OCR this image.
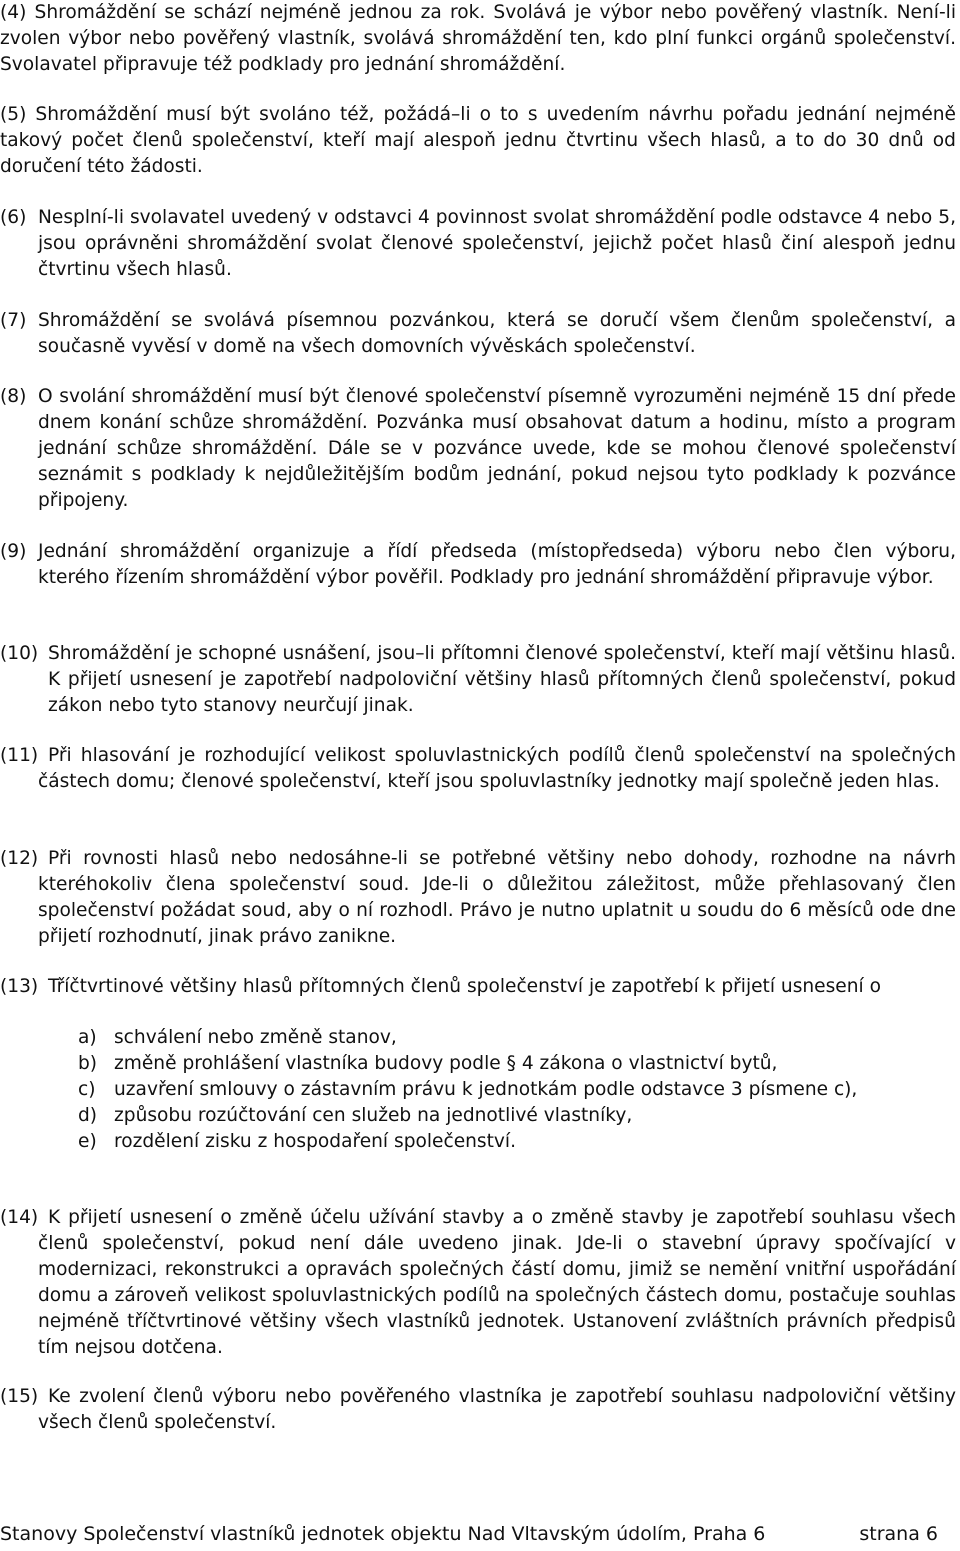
(4) Shromáždění se schází nejméně jednou za rok. Svolává je výbor nebo pověřený vlastník. Není-li zvolen výbor nebo pověřený vlastník, svolává shromáždění ten, kdo plní funkci orgánů společenství. Svolavatel připravuje též podklady pro jednání shromáždění.
(5) Shromáždění musí být svoláno též, požádá–li o to s uvedením návrhu pořadu jednání nejméně takový počet členů společenství, kteří mají alespoň jednu čtvrtinu všech hlasů, a to do 30 dnů od doručení této žádosti.
(6) Nesplní-li svolavatel uvedený v odstavci 4 povinnost svolat shromáždění podle odstavce 4 nebo 5, jsou oprávněni shromáždění svolat členové společenství, jejichž počet hlasů činí alespoň jednu čtvrtinu všech hlasů.
(7) Shromáždění se svolává písemnou pozvánkou, která se doručí všem členům společenství, a současně vyvěsí v domě na všech domovních vývěskách společenství.
(8) O svolání shromáždění musí být členové společenství písemně vyrozuměni nejméně 15 dní přede dnem konání schůze shromáždění. Pozvánka musí obsahovat datum a hodinu, místo a program jednání schůze shromáždění. Dále se v pozvánce uvede, kde se mohou členové společenství seznámit s podklady k nejdůležitějším bodům jednání, pokud nejsou tyto podklady k pozvánce připojeny.
(9) Jednání shromáždění organizuje a řídí předseda (místopředseda) výboru nebo člen výboru, kterého řízením shromáždění výbor pověřil. Podklady pro jednání shromáždění připravuje výbor.
(10) Shromáždění je schopné usnášení, jsou–li přítomni členové společenství, kteří mají většinu hlasů. K přijetí usnesení je zapotřebí nadpoloviční většiny hlasů přítomných členů společenství, pokud zákon nebo tyto stanovy neurčují jinak.
(11) Při hlasování je rozhodující velikost spoluvlastnických podílů členů společenství na společných částech domu; členové společenství, kteří jsou spoluvlastníky jednotky mají společně jeden hlas.
(12) Při rovnosti hlasů nebo nedosáhne-li se potřebné většiny nebo dohody, rozhodne na návrh kteréhokoliv člena společenství soud. Jde-li o důležitou záležitost, může přehlasovaný člen společenství požádat soud, aby o ní rozhodl. Právo je nutno uplatnit u soudu do 6 měsíců ode dne přijetí rozhodnutí, jinak právo zanikne.
(13) Tříčtvrtinové většiny hlasů přítomných členů společenství je zapotřebí k přijetí usnesení o
a) schválení nebo změně stanov,
b) změně prohlášení vlastníka budovy podle § 4 zákona o vlastnictví bytů,
c) uzavření smlouvy o zástavním právu k jednotkám podle odstavce 3 písmene c),
d) způsobu rozúčtování cen služeb na jednotlivé vlastníky,
e) rozdělení zisku z hospodaření společenství.
(14) K přijetí usnesení o změně účelu užívání stavby a o změně stavby je zapotřebí souhlasu všech členů společenství, pokud není dále uvedeno jinak. Jde-li o stavební úpravy spočívající v modernizaci, rekonstrukci a opravách společných částí domu, jimiž se nemění vnitřní uspořádání domu a zároveň velikost spoluvlastnických podílů na společných částech domu, postačuje souhlas nejméně tříčtvrtinové většiny všech vlastníků jednotek. Ustanovení zvláštních právních předpisů tím nejsou dotčena.
(15) Ke zvolení členů výboru nebo pověřeného vlastníka je zapotřebí souhlasu nadpoloviční většiny všech členů společenství.
Stanovy Společenství vlastníků jednotek objektu Nad Vltavským údolím, Praha 6	strana 6
